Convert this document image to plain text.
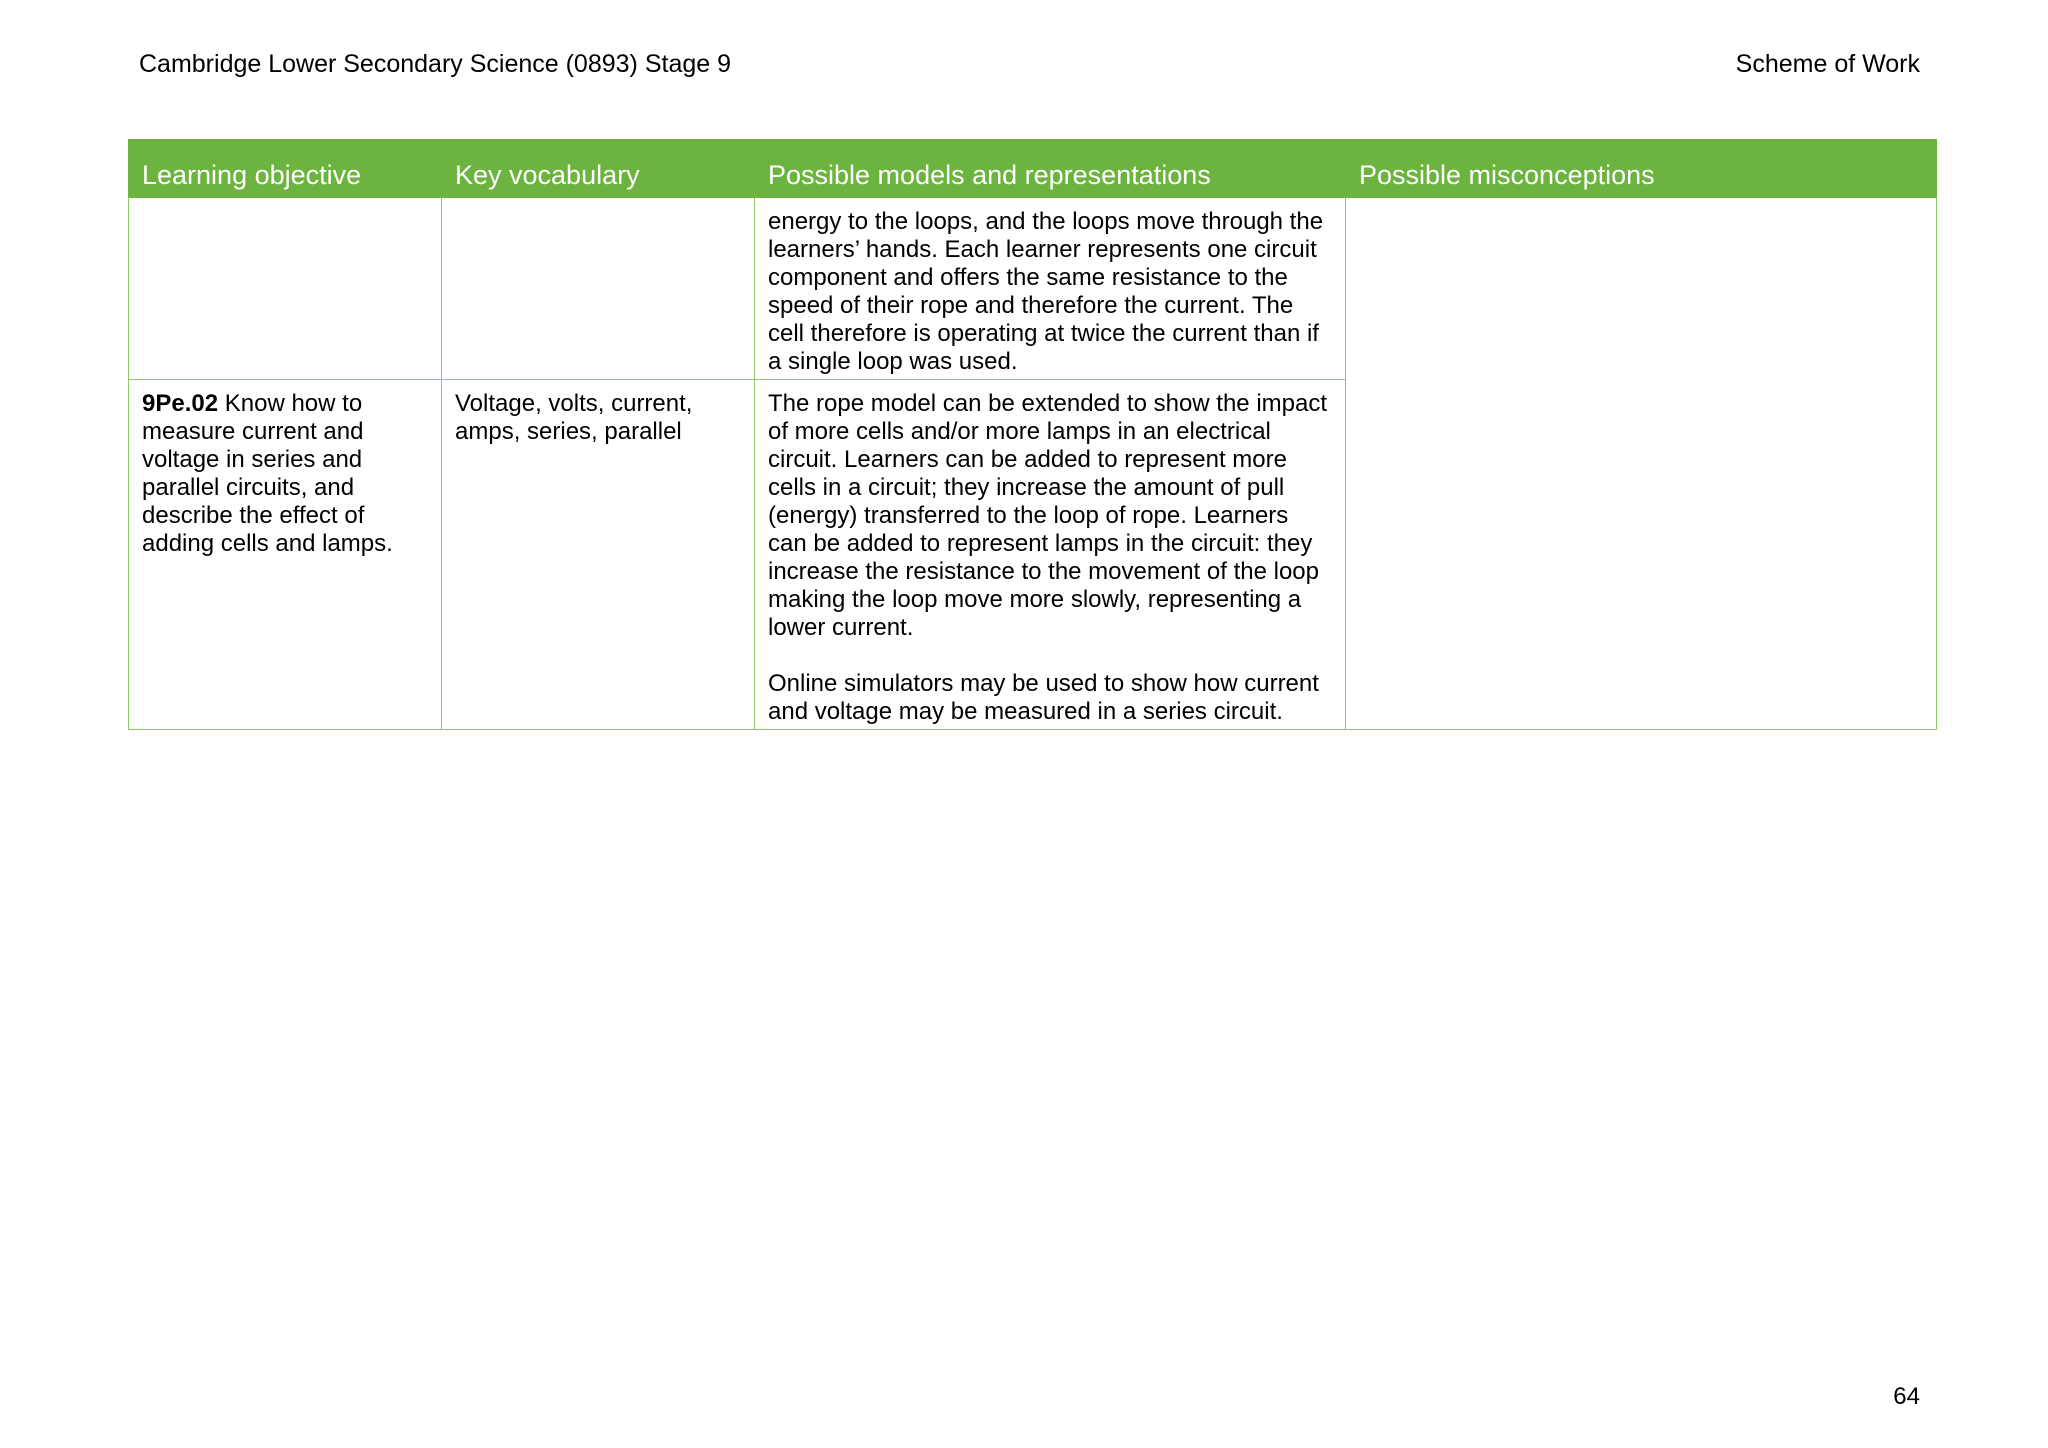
Cambridge Lower Secondary Science (0893) Stage 9	Scheme of Work
Learning objective	Key vocabulary	Possible models and representations	Possible misconceptions

		energy to the loops, and the loops move through the learners’ hands. Each learner represents one circuit component and offers the same resistance to the speed of their rope and therefore the current. The cell therefore is operating at twice the current than if a single loop was used.	

9Pe.02 Know how to measure current and voltage in series and parallel circuits, and describe the effect of adding cells and lamps.	Voltage, volts, current, amps, series, parallel	The rope model can be extended to show the impact of more cells and/or more lamps in an electrical circuit. Learners can be added to represent more cells in a circuit; they increase the amount of pull (energy) transferred to the loop of rope. Learners can be added to represent lamps in the circuit: they increase the resistance to the movement of the loop making the loop move more slowly, representing a lower current.
Online simulators may be used to show how current and voltage may be measured in a series circuit.	
64
